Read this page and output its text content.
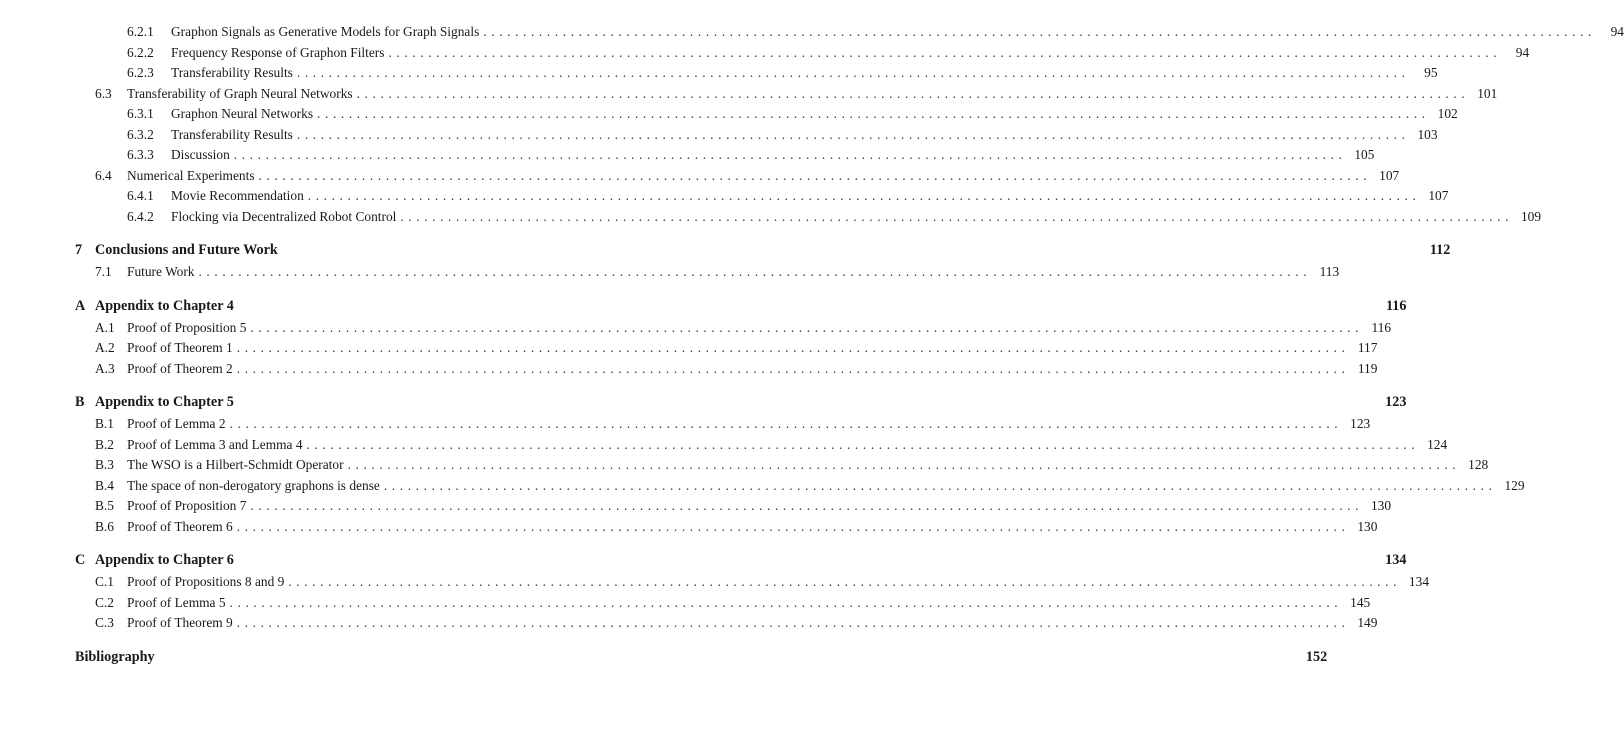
6.2.1 Graphon Signals as Generative Models for Graph Signals ............................................................................................................................................	94
6.2.2 Frequency Response of Graphon Filters ............................................................................................................................................	94
6.2.3 Transferability Results ............................................................................................................................................	95
6.3 Transferability of Graph Neural Networks ............................................................................................................................................ 101
6.3.1 Graphon Neural Networks ............................................................................................................................................ 102
6.3.2 Transferability Results ............................................................................................................................................ 103
6.3.3 Discussion ............................................................................................................................................ 105
6.4 Numerical Experiments ............................................................................................................................................ 107
6.4.1 Movie Recommendation ............................................................................................................................................ 107
6.4.2 Flocking via Decentralized Robot Control ............................................................................................................................................ 109
7 Conclusions and Future Work	112
7.1 Future Work ............................................................................................................................................ 113
A Appendix to Chapter 4	116
A.1 Proof of Proposition 5 ............................................................................................................................................ 116
A.2 Proof of Theorem 1 ............................................................................................................................................ 117
A.3 Proof of Theorem 2 ............................................................................................................................................ 119
B Appendix to Chapter 5	123
B.1 Proof of Lemma 2 ............................................................................................................................................ 123
B.2 Proof of Lemma 3 and Lemma 4 ............................................................................................................................................ 124
B.3 The WSO is a Hilbert-Schmidt Operator ............................................................................................................................................ 128
B.4 The space of non-derogatory graphons is dense ............................................................................................................................................ 129
B.5 Proof of Proposition 7 ............................................................................................................................................ 130
B.6 Proof of Theorem 6 ............................................................................................................................................ 130
C Appendix to Chapter 6	134
C.1 Proof of Propositions 8 and 9 ............................................................................................................................................ 134
C.2 Proof of Lemma 5 ............................................................................................................................................ 145
C.3 Proof of Theorem 9 ............................................................................................................................................ 149
Bibliography	152
